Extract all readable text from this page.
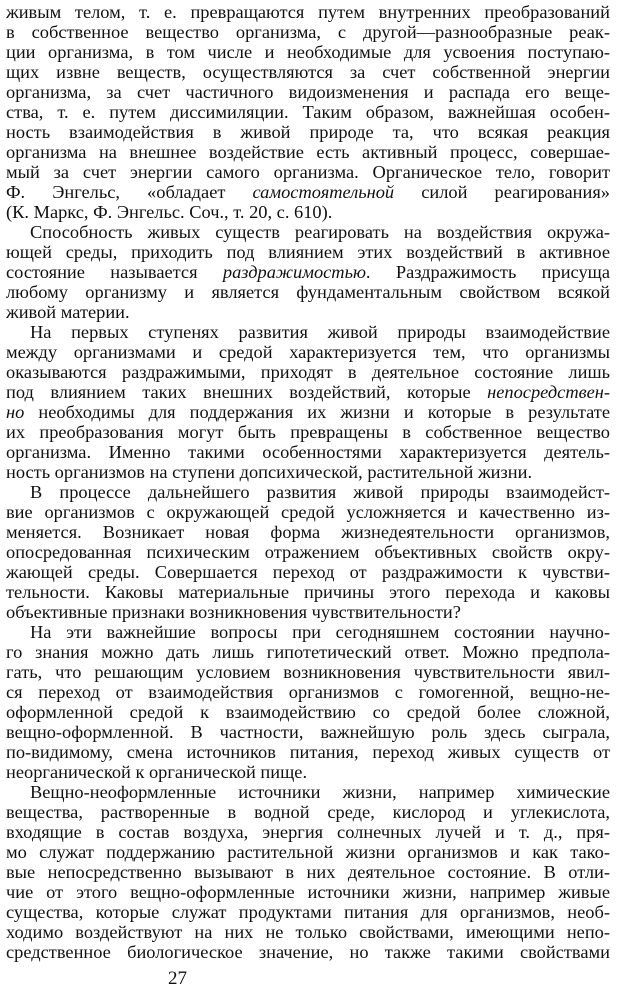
живым телом, т. е. превращаются путем внутренних преобразований
в собственное вещество организма, с другой—разнообразные реак-
ции организма, в том числе и необходимые для усвоения поступаю-
щих извне веществ, осуществляются за счет собственной энергии
организма, за счет частичного видоизменения и распада его веще-
ства, т. е. путем диссимиляции. Таким образом, важнейшая особен-
ность взаимодействия в живой природе та, что всякая реакция
организма на внешнее воздействие есть активный процесс, совершае-
мый за счет энергии самого организма. Органическое тело, говорит
Ф. Энгельс, «обладает самостоятельной силой реагирования»
(К. Маркс, Ф. Энгельс. Соч., т. 20, с. 610).
Способность живых существ реагировать на воздействия окружа-
ющей среды, приходить под влиянием этих воздействий в активное
состояние называется раздражимостью. Раздражимость присуща
любому организму и является фундаментальным свойством всякой
живой материи.
На первых ступенях развития живой природы взаимодействие
между организмами и средой характеризуется тем, что организмы
оказываются раздражимыми, приходят в деятельное состояние лишь
под влиянием таких внешних воздействий, которые непосредствен-
но необходимы для поддержания их жизни и которые в результате
их преобразования могут быть превращены в собственное вещество
организма. Именно такими особенностями характеризуется деятель-
ность организмов на ступени допсихической, растительной жизни.
В процессе дальнейшего развития живой природы взаимодейст-
вие организмов с окружающей средой усложняется и качественно из-
меняется. Возникает новая форма жизнедеятельности организмов,
опосредованная психическим отражением объективных свойств окру-
жающей среды. Совершается переход от раздражимости к чувстви-
тельности. Каковы материальные причины этого перехода и каковы
объективные признаки возникновения чувствительности?
На эти важнейшие вопросы при сегодняшнем состоянии научно-
го знания можно дать лишь гипотетический ответ. Можно предпола-
гать, что решающим условием возникновения чувствительности явил-
ся переход от взаимодействия организмов с гомогенной, вещно-не-
оформленной средой к взаимодействию со средой более сложной,
вещно-оформленной. В частности, важнейшую роль здесь сыграла,
по-видимому, смена источников питания, переход живых существ от
неорганической к органической пище.
Вещно-неоформленные источники жизни, например химические
вещества, растворенные в водной среде, кислород и углекислота,
входящие в состав воздуха, энергия солнечных лучей и т. д., пря-
мо служат поддержанию растительной жизни организмов и как тако-
вые непосредственно вызывают в них деятельное состояние. В отли-
чие от этого вещно-оформленные источники жизни, например живые
существа, которые служат продуктами питания для организмов, необ-
ходимо воздействуют на них не только свойствами, имеющими непо-
средственное биологическое значение, но также такими свойствами
27
